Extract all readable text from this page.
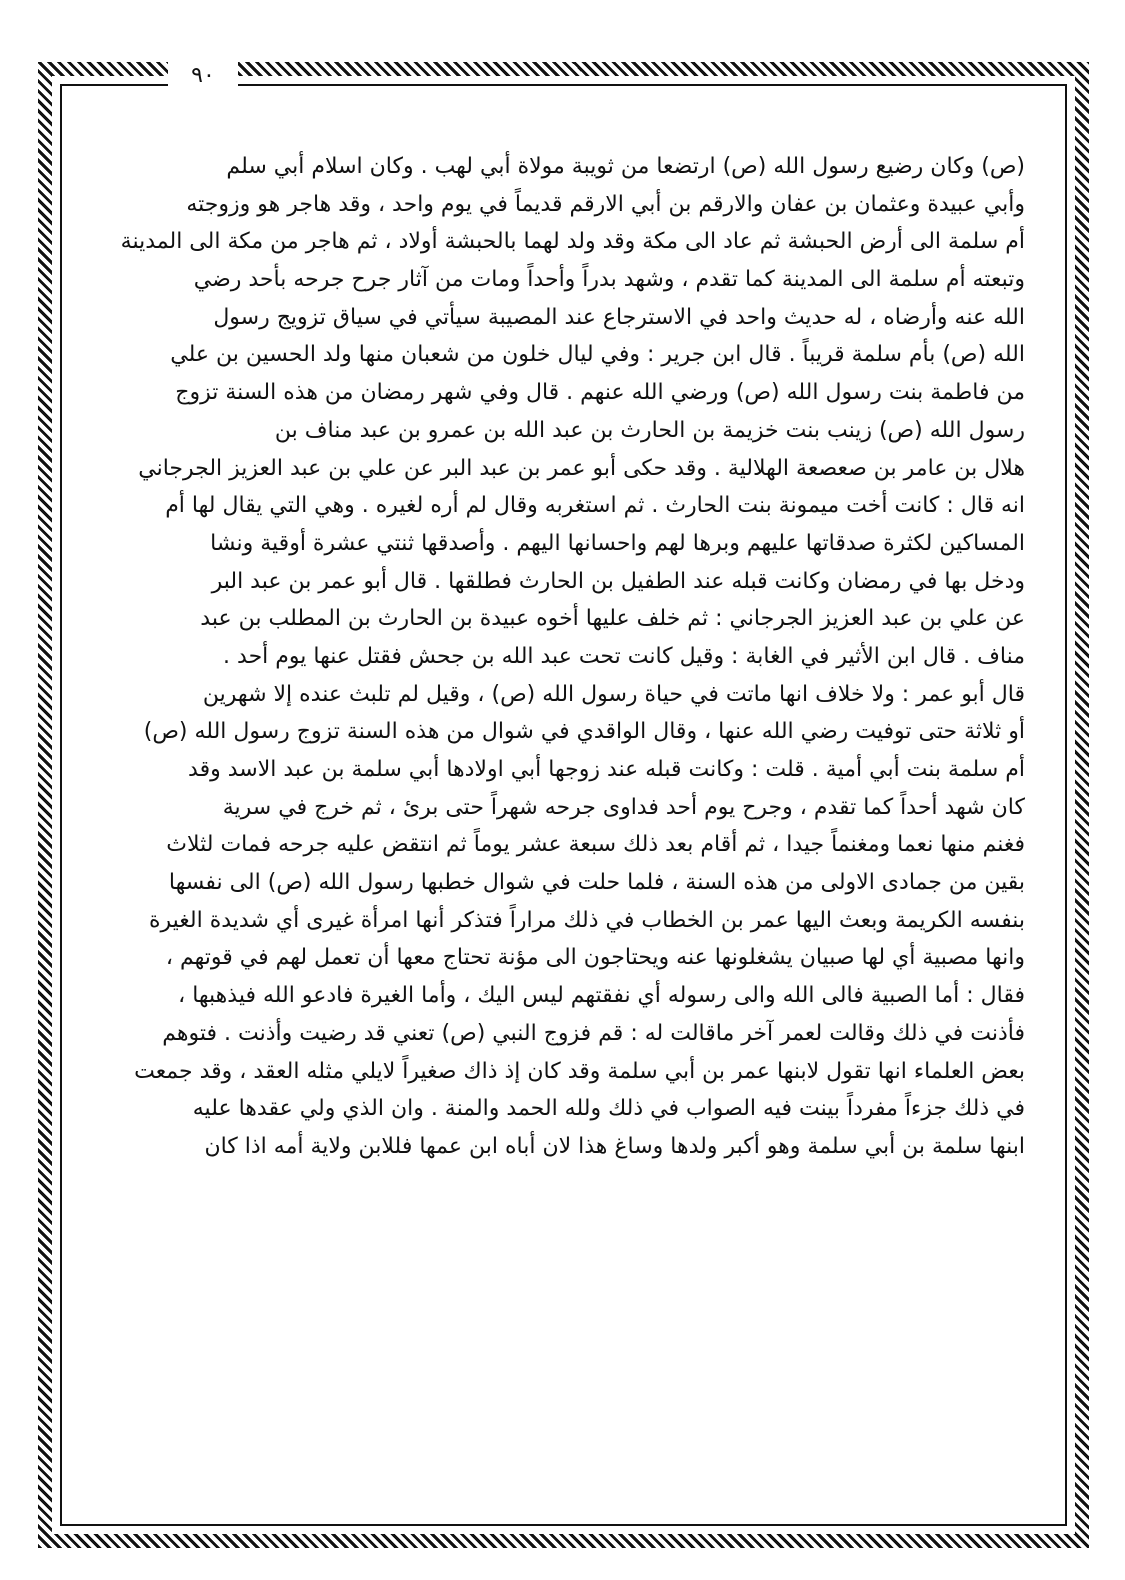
٩٠
(ص) وكان رضيع رسول الله (ص) ارتضعا من ثويبة مولاة أبي لهب . وكان اسلام أبي سلم
وأبي عبيدة وعثمان بن عفان والارقم بن أبي الارقم قديماً في يوم واحد ، وقد هاجر هو وزوجته
أم سلمة الى أرض الحبشة ثم عاد الى مكة وقد ولد لهما بالحبشة أولاد ، ثم هاجر من مكة الى المدينة
وتبعته أم سلمة الى المدينة كما تقدم ، وشهد بدراً وأحداً ومات من آثار جرح جرحه بأحد رضي
الله عنه وأرضاه ، له حديث واحد في الاسترجاع عند المصيبة سيأتي في سياق تزويج رسول
الله (ص) بأم سلمة قريباً . قال ابن جرير : وفي ليال خلون من شعبان منها ولد الحسين بن علي
من فاطمة بنت رسول الله (ص) ورضي الله عنهم . قال وفي شهر رمضان من هذه السنة تزوج
رسول الله (ص) زينب بنت خزيمة بن الحارث بن عبد الله بن عمرو بن عبد مناف بن
هلال بن عامر بن صعصعة الهلالية . وقد حكى أبو عمر بن عبد البر عن علي بن عبد العزيز الجرجاني
انه قال : كانت أخت ميمونة بنت الحارث . ثم استغربه وقال لم أره لغيره . وهي التي يقال لها أم
المساكين لكثرة صدقاتها عليهم وبرها لهم واحسانها اليهم . وأصدقها ثنتي عشرة أوقية ونشا
ودخل بها في رمضان وكانت قبله عند الطفيل بن الحارث فطلقها . قال أبو عمر بن عبد البر
عن علي بن عبد العزيز الجرجاني : ثم خلف عليها أخوه عبيدة بن الحارث بن المطلب بن عبد
مناف . قال ابن الأثير في الغابة : وقيل كانت تحت عبد الله بن جحش فقتل عنها يوم أحد .
قال أبو عمر : ولا خلاف انها ماتت في حياة رسول الله (ص) ، وقيل لم تلبث عنده إلا شهرين
أو ثلاثة حتى توفيت رضي الله عنها ، وقال الواقدي في شوال من هذه السنة تزوج رسول الله (ص)
أم سلمة بنت أبي أمية . قلت : وكانت قبله عند زوجها أبي اولادها أبي سلمة بن عبد الاسد وقد
كان شهد أحداً كما تقدم ، وجرح يوم أحد فداوى جرحه شهراً حتى برئ ، ثم خرج في سرية
فغنم منها نعما ومغنماً جيدا ، ثم أقام بعد ذلك سبعة عشر يوماً ثم انتقض عليه جرحه فمات لثلاث
بقين من جمادى الاولى من هذه السنة ، فلما حلت في شوال خطبها رسول الله (ص) الى نفسها
بنفسه الكريمة وبعث اليها عمر بن الخطاب في ذلك مراراً فتذكر أنها امرأة غيرى أي شديدة الغيرة
وانها مصبية أي لها صبيان يشغلونها عنه ويحتاجون الى مؤنة تحتاج معها أن تعمل لهم في قوتهم ،
فقال : أما الصبية فالى الله والى رسوله أي نفقتهم ليس اليك ، وأما الغيرة فادعو الله فيذهبها ،
فأذنت في ذلك وقالت لعمر آخر ماقالت له : قم فزوج النبي (ص) تعني قد رضيت وأذنت . فتوهم
بعض العلماء انها تقول لابنها عمر بن أبي سلمة وقد كان إذ ذاك صغيراً لايلي مثله العقد ، وقد جمعت
في ذلك جزءاً مفرداً بينت فيه الصواب في ذلك ولله الحمد والمنة . وان الذي ولي عقدها عليه
ابنها سلمة بن أبي سلمة وهو أكبر ولدها وساغ هذا لان أباه ابن عمها فللابن ولاية أمه اذا كان
